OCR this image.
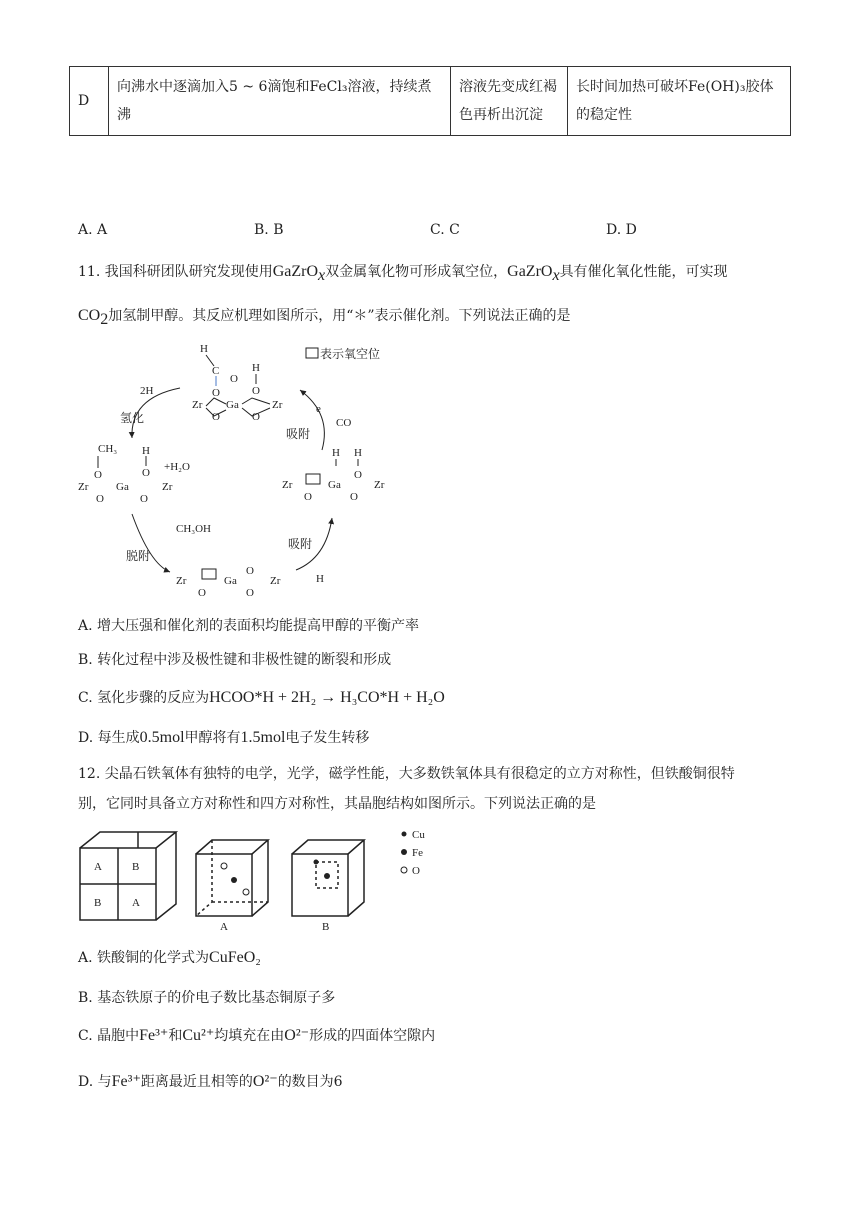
D	向沸水中逐滴加入5 ~ 6滴饱和FeCl₃溶液，持续煮沸	溶液先变成红褐色再析出沉淀	长时间加热可破坏Fe(OH)₃胶体的稳定性
A. A	B. B	C. C	D. D
11. 我国科研团队研究发现使用GaZrO$_x$双金属氧化物可形成氧空位，GaZrO$_x$具有催化氧化性能，可实现
$CO_2$加氢制甲醇。其反应机理如图所示，用“＊”表示催化剂。下列说法正确的是
H
C
O
O
H
O
Zr Ga	Zr
O	O
CH₃
O
H
O +H₂O
Zr	Ga	Zr
O	O
H H
O
Zr	Ga	Zr
O	O
Zr	Ga
O
Zr
O	O
2H
氢化
CH₃OH
脱附
吸附
H
吸附
e
CO
表示氧空位
A. 增大压强和催化剂的表面积均能提高甲醇的平衡产率
B. 转化过程中涉及极性键和非极性键的断裂和形成
C. 氢化步骤的反应为HCOO*H + 2H₂ → H₃CO*H + H₂O
D. 每生成0.5mol甲醇将有1.5mol电子发生转移
12. 尖晶石铁氧体有独特的电学，光学，磁学性能，大多数铁氧体具有很稳定的立方对称性，但铁酸铜很特
别，它同时具备立方对称性和四方对称性，其晶胞结构如图所示。下列说法正确的是
A	B
B	A
A	B
Cu
Fe
O
A. 铁酸铜的化学式为CuFeO₂
B. 基态铁原子的价电子数比基态铜原子多
C. 晶胞中Fe³⁺和Cu²⁺均填充在由O²⁻形成的四面体空隙内
D. 与Fe³⁺距离最近且相等的O²⁻的数目为6
